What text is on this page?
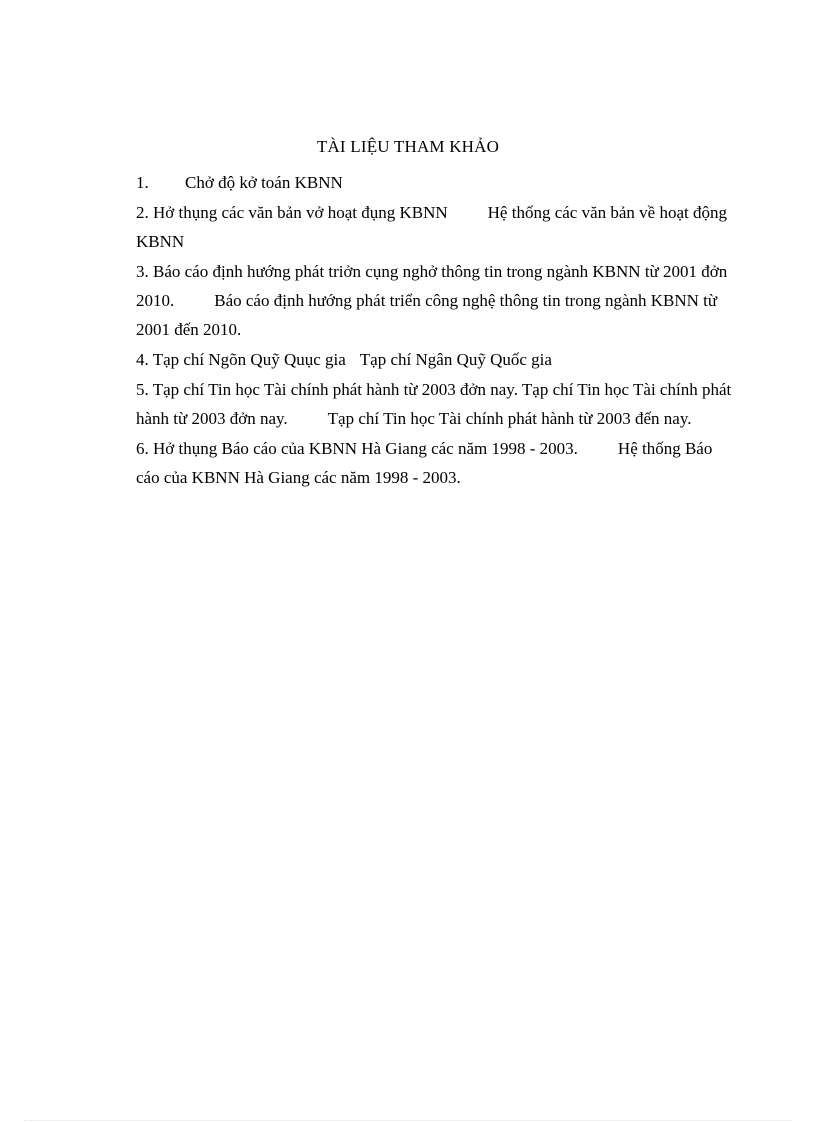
TÀI LIỆU THAM KHẢO
1. Chở độ kở toán KBNN
2. Hở thụng các văn bản vở hoạt đụng KBNN Hệ thống các văn bản về hoạt động KBNN
3. Báo cáo định hướng phát triởn cụng nghở thông tin trong ngành KBNN từ 2001 đởn 2010. Báo cáo định hướng phát triển công nghệ thông tin trong ngành KBNN từ 2001 đến 2010.
4. Tạp chí Ngõn Quỹ Quục gia Tạp chí Ngân Quỹ Quốc gia
5. Tạp chí Tin học Tài chính phát hành từ 2003 đởn nay. Tạp chí Tin học Tài chính phát hành từ 2003 đởn nay. Tạp chí Tin học Tài chính phát hành từ 2003 đến nay.
6. Hở thụng Báo cáo của KBNN Hà Giang các năm 1998 - 2003. Hệ thống Báo cáo của KBNN Hà Giang các năm 1998 - 2003.
